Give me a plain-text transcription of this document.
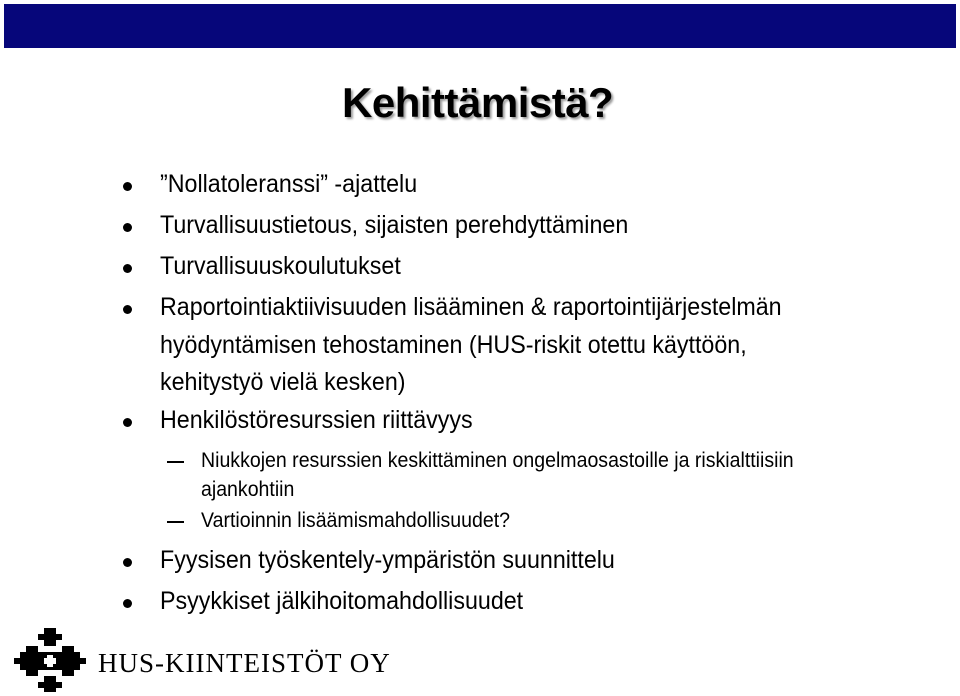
Kehittämistä?
”Nollatoleranssi” -ajattelu
Turvallisuustietous, sijaisten perehdyttäminen
Turvallisuuskoulutukset
Raportointiaktiivisuuden lisääminen & raportointijärjestelmän
hyödyntämisen tehostaminen (HUS-riskit otettu käyttöön,
kehitystyö vielä kesken)
Henkilöstöresurssien riittävyys
Niukkojen resurssien keskittäminen ongelmaosastoille ja riskialttiisiin
ajankohtiin
Vartioinnin lisäämismahdollisuudet?
Fyysisen työskentely-ympäristön suunnittelu
Psyykkiset jälkihoitomahdollisuudet
HUS-KIINTEISTÖT OY
